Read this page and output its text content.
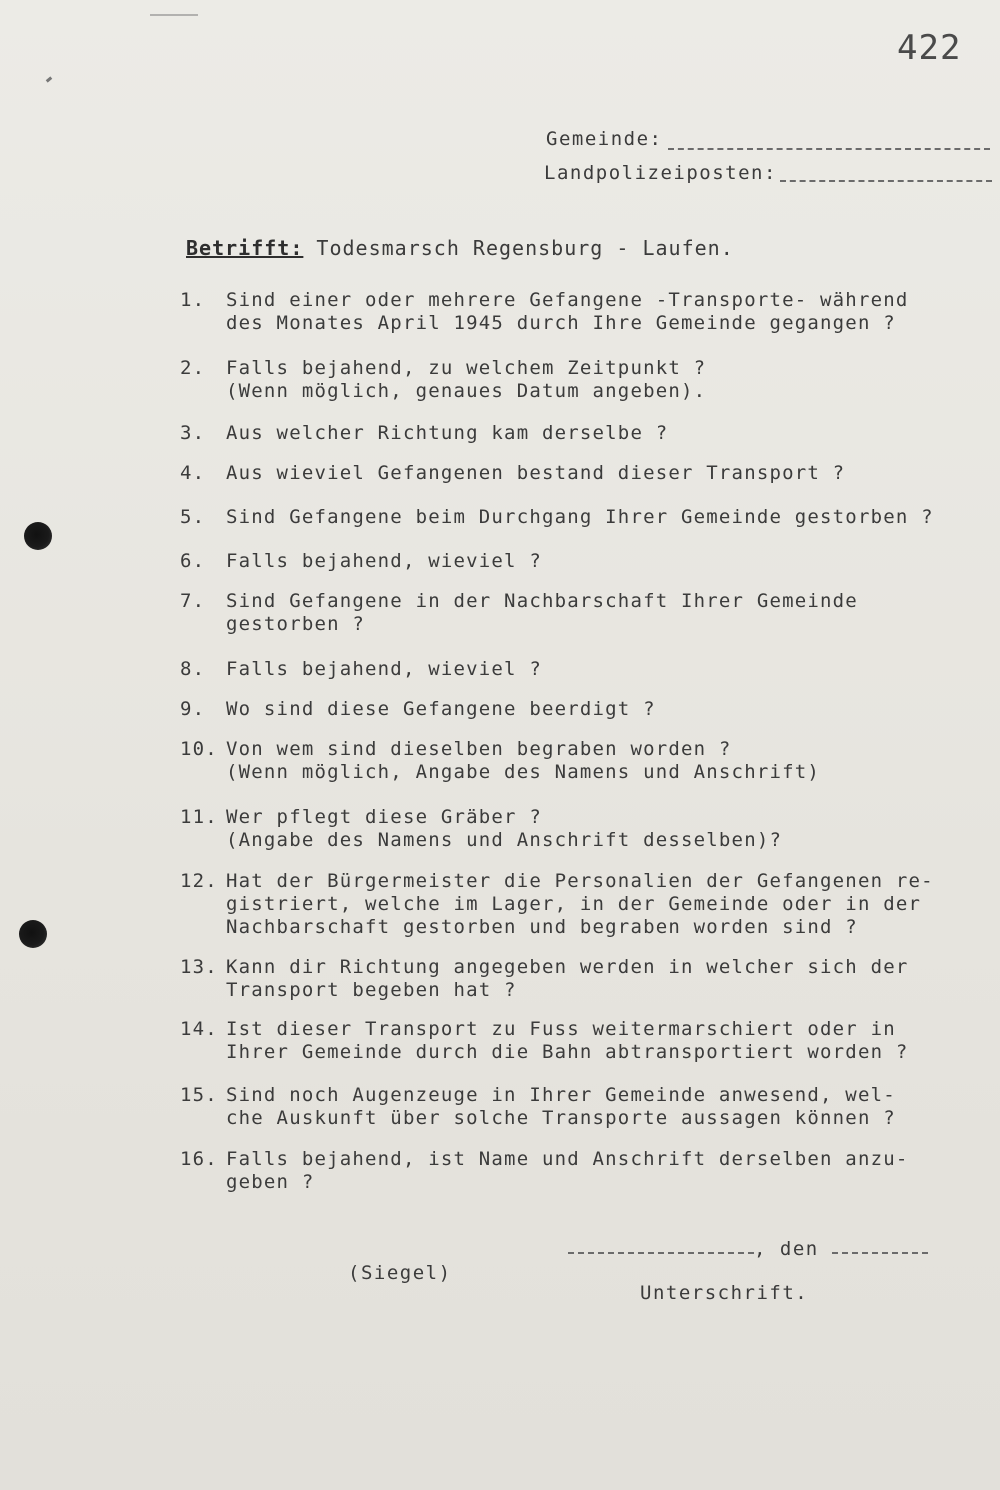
422
Gemeinde:
Landpolizeiposten:
Betrifft: Todesmarsch Regensburg - Laufen.
1.	Sind einer oder mehrere Gefangene -Transporte- während
des Monates April 1945 durch Ihre Gemeinde gegangen ?
2.	Falls bejahend, zu welchem Zeitpunkt ?
(Wenn möglich, genaues Datum angeben).
3.	Aus welcher Richtung kam derselbe ?
4.	Aus wieviel Gefangenen bestand dieser Transport ?
5.	Sind Gefangene beim Durchgang Ihrer Gemeinde gestorben ?
6.	Falls bejahend, wieviel ?
7.	Sind Gefangene in der Nachbarschaft Ihrer Gemeinde
gestorben ?
8.	Falls bejahend, wieviel ?
9.	Wo sind diese Gefangene beerdigt ?
10. Von wem sind dieselben begraben worden ?
(Wenn möglich, Angabe des Namens und Anschrift)
11. Wer pflegt diese Gräber ?
(Angabe des Namens und Anschrift desselben)?
12. Hat der Bürgermeister die Personalien der Gefangenen re-
gistriert, welche im Lager, in der Gemeinde oder in der
Nachbarschaft gestorben und begraben worden sind ?
13. Kann dir Richtung angegeben werden in welcher sich der
Transport begeben hat ?
14. Ist dieser Transport zu Fuss weitermarschiert oder in
Ihrer Gemeinde durch die Bahn abtransportiert worden ?
15. Sind noch Augenzeuge in Ihrer Gemeinde anwesend, wel-
che Auskunft über solche Transporte aussagen können ?
16. Falls bejahend, ist Name und Anschrift derselben anzu-
geben ?
, den
(Siegel)
Unterschrift.
